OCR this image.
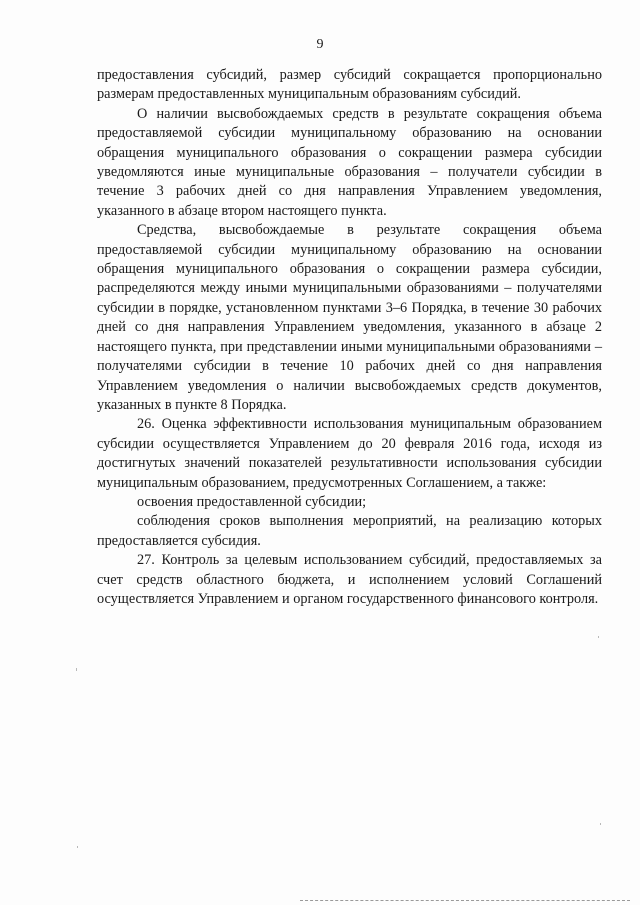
9

предоставления субсидий, размер субсидий сокращается пропорционально размерам предоставленных муниципальным образованиям субсидий.

О наличии высвобождаемых средств в результате сокращения объема предоставляемой субсидии муниципальному образованию на основании обращения муниципального образования о сокращении размера субсидии уведомляются иные муниципальные образования – получатели субсидии в течение 3 рабочих дней со дня направления Управлением уведомления, указанного в абзаце втором настоящего пункта.

Средства, высвобождаемые в результате сокращения объема предоставляемой субсидии муниципальному образованию на основании обращения муниципального образования о сокращении размера субсидии, распределяются между иными муниципальными образованиями – получателями субсидии в порядке, установленном пунктами 3–6 Порядка, в течение 30 рабочих дней со дня направления Управлением уведомления, указанного в абзаце 2 настоящего пункта, при представлении иными муниципальными образованиями – получателями субсидии в течение 10 рабочих дней со дня направления Управлением уведомления о наличии высвобождаемых средств документов, указанных в пункте 8 Порядка.

26. Оценка эффективности использования муниципальным образованием субсидии осуществляется Управлением до 20 февраля 2016 года, исходя из достигнутых значений показателей результативности использования субсидии муниципальным образованием, предусмотренных Соглашением, а также:

освоения предоставленной субсидии;

соблюдения сроков выполнения мероприятий, на реализацию которых предоставляется субсидия.

27. Контроль за целевым использованием субсидий, предоставляемых за счет средств областного бюджета, и исполнением условий Соглашений осуществляется Управлением и органом государственного финансового контроля.
